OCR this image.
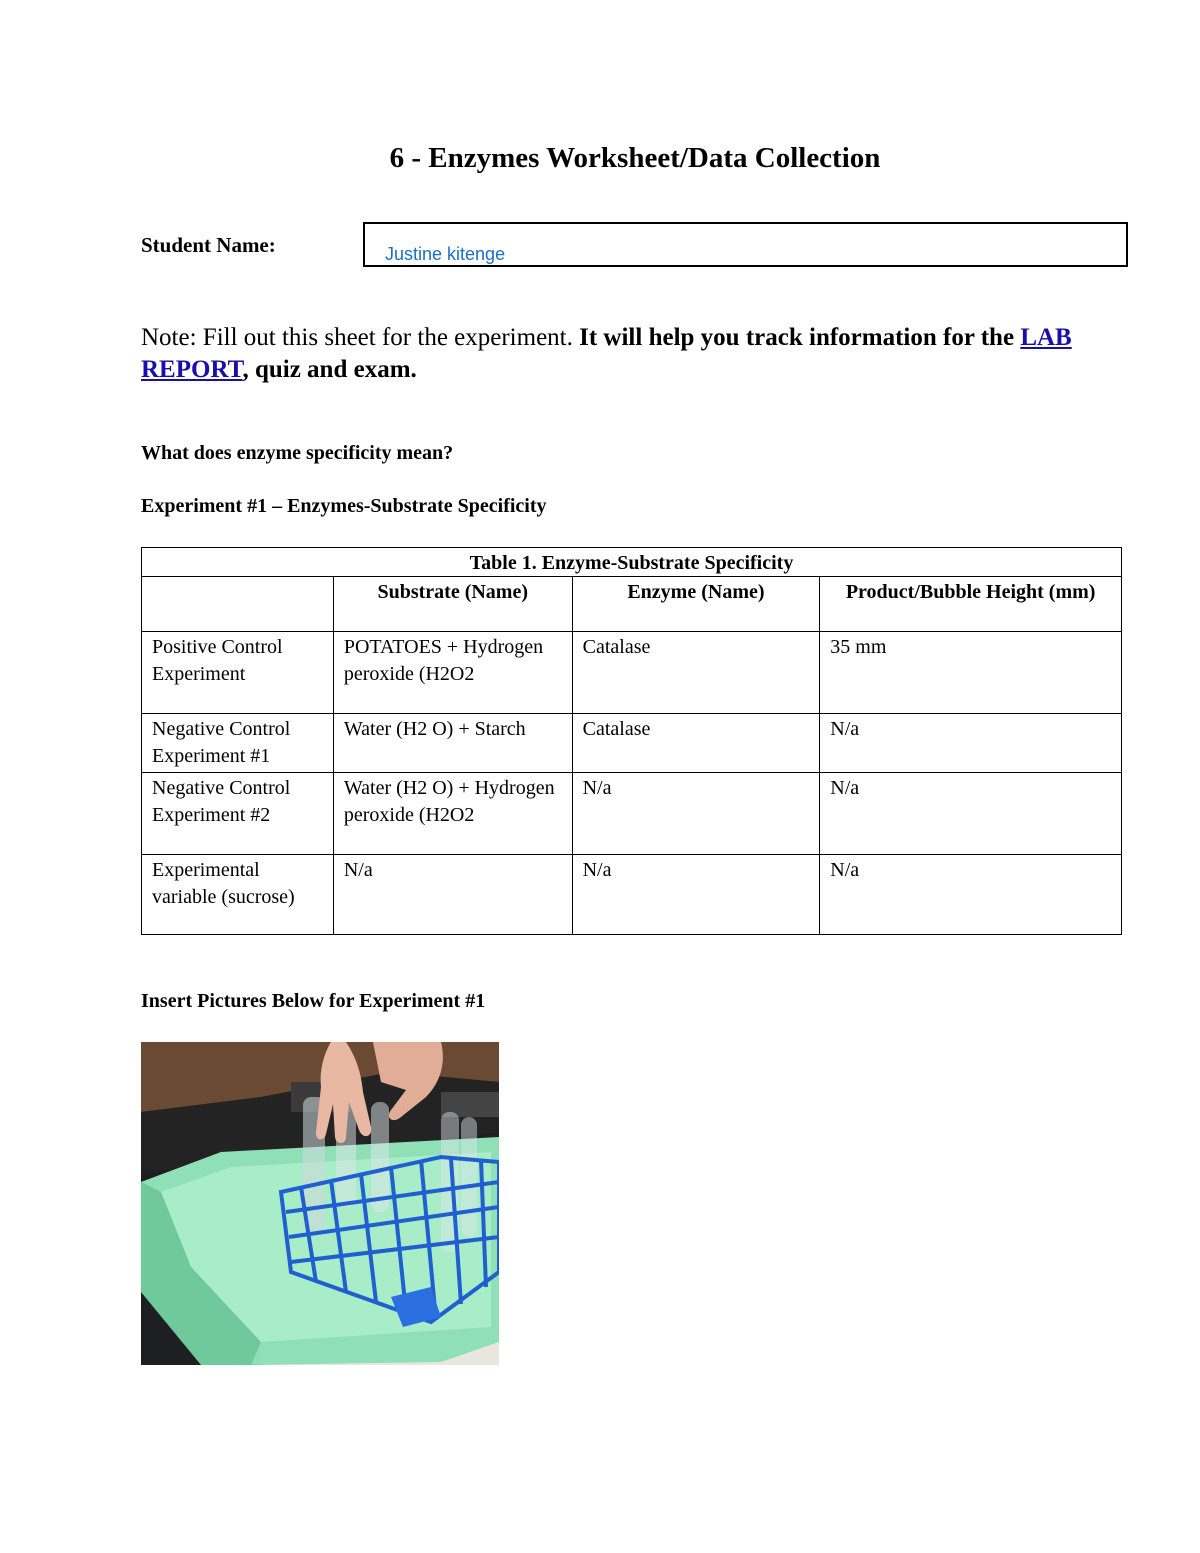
6 - Enzymes Worksheet/Data Collection
Student Name:
Justine kitenge
Note: Fill out this sheet for the experiment. It will help you track information for the LAB REPORT, quiz and exam.
What does enzyme specificity mean?
Experiment #1 – Enzymes-Substrate Specificity
Table 1. Enzyme-Substrate Specificity			
	Substrate (Name)	Enzyme (Name)	Product/Bubble Height (mm)
Positive Control Experiment	POTATOES + Hydrogen peroxide (H2O2	Catalase	35 mm
Negative Control Experiment #1	Water (H2 O) + Starch	Catalase	N/a
Negative Control Experiment #2	Water (H2 O) + Hydrogen peroxide (H2O2	N/a	N/a
Experimental variable (sucrose)	N/a	N/a	N/a
Insert Pictures Below for Experiment #1
